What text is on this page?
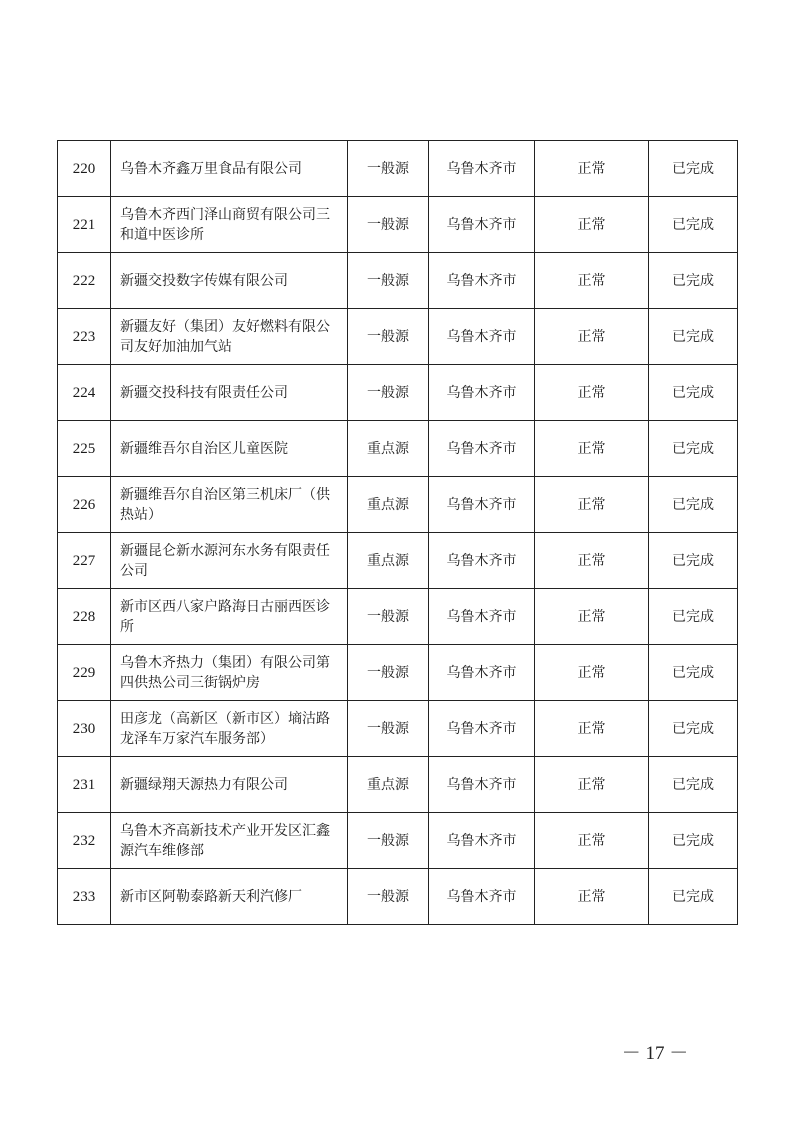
220	乌鲁木齐鑫万里食品有限公司	一般源	乌鲁木齐市	正常	已完成
221	乌鲁木齐西门泽山商贸有限公司三和道中医诊所	一般源	乌鲁木齐市	正常	已完成
222	新疆交投数字传媒有限公司	一般源	乌鲁木齐市	正常	已完成
223	新疆友好（集团）友好燃料有限公司友好加油加气站	一般源	乌鲁木齐市	正常	已完成
224	新疆交投科技有限责任公司	一般源	乌鲁木齐市	正常	已完成
225	新疆维吾尔自治区儿童医院	重点源	乌鲁木齐市	正常	已完成
226	新疆维吾尔自治区第三机床厂（供热站）	重点源	乌鲁木齐市	正常	已完成
227	新疆昆仑新水源河东水务有限责任公司	重点源	乌鲁木齐市	正常	已完成
228	新市区西八家户路海日古丽西医诊所	一般源	乌鲁木齐市	正常	已完成
229	乌鲁木齐热力（集团）有限公司第四供热公司三街锅炉房	一般源	乌鲁木齐市	正常	已完成
230	田彦龙（高新区（新市区）墒沽路龙泽车万家汽车服务部）	一般源	乌鲁木齐市	正常	已完成
231	新疆绿翔天源热力有限公司	重点源	乌鲁木齐市	正常	已完成
232	乌鲁木齐高新技术产业开发区汇鑫源汽车维修部	一般源	乌鲁木齐市	正常	已完成
233	新市区阿勒泰路新天利汽修厂	一般源	乌鲁木齐市	正常	已完成
－ 17 －
